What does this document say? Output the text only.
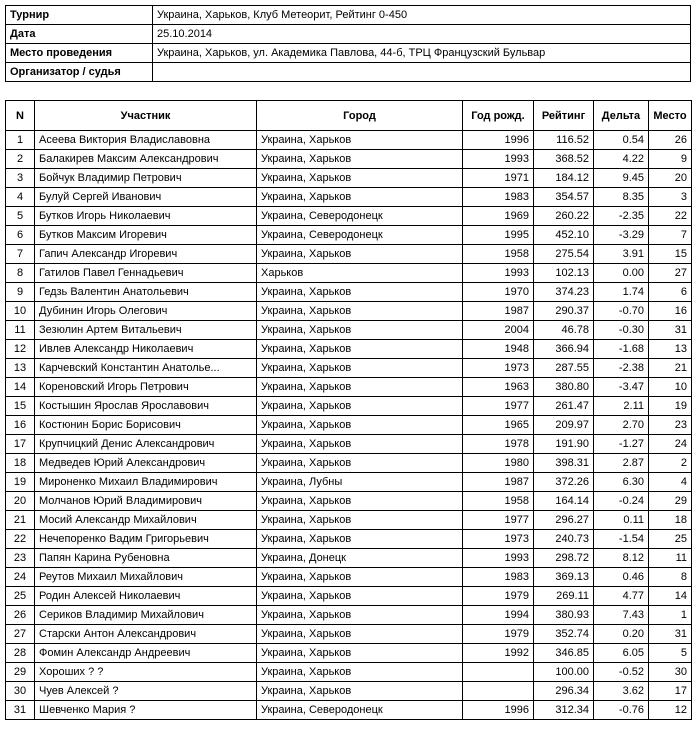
Турнир	Украина, Харьков, Клуб Метеорит, Рейтинг 0-450
Дата	25.10.2014
Место проведения	Украина, Харьков, ул. Академика Павлова, 44-б, ТРЦ Французский Бульвар
Организатор / судья	
N	Участник	Город	Год рожд.	Рейтинг	Дельта	Место
1	Асеева Виктория Владиславовна	Украина, Харьков	1996	116.52	0.54	26
2	Балакирев Максим Александрович	Украина, Харьков	1993	368.52	4.22	9
3	Бойчук Владимир Петрович	Украина, Харьков	1971	184.12	9.45	20
4	Булуй Сергей Иванович	Украина, Харьков	1983	354.57	8.35	3
5	Бутков Игорь Николаевич	Украина, Северодонецк	1969	260.22	-2.35	22
6	Бутков Максим Игоревич	Украина, Северодонецк	1995	452.10	-3.29	7
7	Гапич Александр Игоревич	Украина, Харьков	1958	275.54	3.91	15
8	Гатилов Павел Геннадьевич	Харьков	1993	102.13	0.00	27
9	Гедзь Валентин Анатольевич	Украина, Харьков	1970	374.23	1.74	6
10	Дубинин Игорь Олегович	Украина, Харьков	1987	290.37	-0.70	16
11	Зезюлин Артем Витальевич	Украина, Харьков	2004	46.78	-0.30	31
12	Ивлев Александр Николаевич	Украина, Харьков	1948	366.94	-1.68	13
13	Карчевский Константин Анатолье...	Украина, Харьков	1973	287.55	-2.38	21
14	Кореновский Игорь Петрович	Украина, Харьков	1963	380.80	-3.47	10
15	Костышин Ярослав Ярославович	Украина, Харьков	1977	261.47	2.11	19
16	Костюнин Борис Борисович	Украина, Харьков	1965	209.97	2.70	23
17	Крупчицкий Денис Александрович	Украина, Харьков	1978	191.90	-1.27	24
18	Медведев Юрий Александрович	Украина, Харьков	1980	398.31	2.87	2
19	Мироненко Михаил Владимирович	Украина, Лубны	1987	372.26	6.30	4
20	Молчанов Юрий Владимирович	Украина, Харьков	1958	164.14	-0.24	29
21	Мосий Александр Михайлович	Украина, Харьков	1977	296.27	0.11	18
22	Нечепоренко Вадим Григорьевич	Украина, Харьков	1973	240.73	-1.54	25
23	Папян Карина Рубеновна	Украина, Донецк	1993	298.72	8.12	11
24	Реутов Михаил Михайлович	Украина, Харьков	1983	369.13	0.46	8
25	Родин Алексей Николаевич	Украина, Харьков	1979	269.11	4.77	14
26	Сериков Владимир Михайлович	Украина, Харьков	1994	380.93	7.43	1
27	Старски Антон Александрович	Украина, Харьков	1979	352.74	0.20	31
28	Фомин Александр Андреевич	Украина, Харьков	1992	346.85	6.05	5
29	Хороших ? ?	Украина, Харьков		100.00	-0.52	30
30	Чуев Алексей ?	Украина, Харьков		296.34	3.62	17
31	Шевченко Мария ?	Украина, Северодонецк	1996	312.34	-0.76	12
